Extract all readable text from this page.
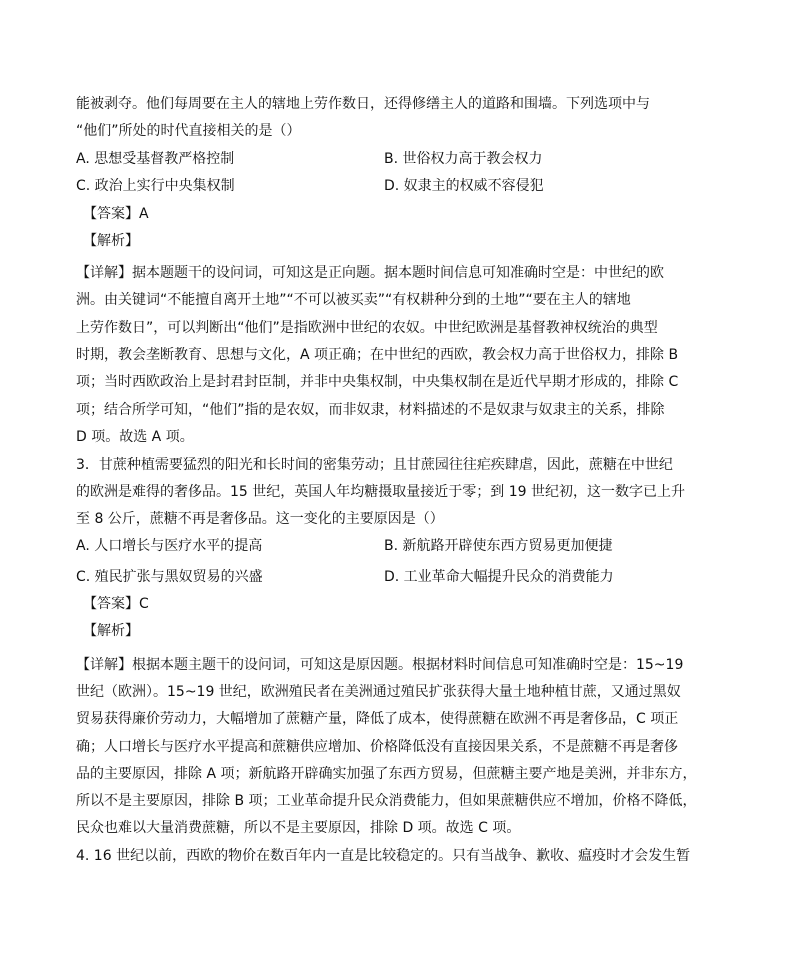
能被剥夺。他们每周要在主人的辖地上劳作数日，还得修缮主人的道路和围墙。下列选项中与
“他们”所处的时代直接相关的是（）
A. 思想受基督教严格控制	B. 世俗权力高于教会权力
C. 政治上实行中央集权制	D. 奴隶主的权威不容侵犯
【答案】A
【解析】
【详解】据本题题干的设问词，可知这是正向题。据本题时间信息可知准确时空是：中世纪的欧
洲。由关键词“不能擅自离开土地”“不可以被买卖”“有权耕种分到的土地”“要在主人的辖地
上劳作数日”，可以判断出“他们”是指欧洲中世纪的农奴。中世纪欧洲是基督教神权统治的典型
时期，教会垄断教育、思想与文化，A 项正确；在中世纪的西欧，教会权力高于世俗权力，排除 B
项；当时西欧政治上是封君封臣制，并非中央集权制，中央集权制在是近代早期才形成的，排除 C
项；结合所学可知，“他们”指的是农奴，而非奴隶，材料描述的不是奴隶与奴隶主的关系，排除
D 项。故选 A 项。
3．甘蔗种植需要猛烈的阳光和长时间的密集劳动；且甘蔗园往往疟疾肆虐，因此，蔗糖在中世纪
的欧洲是难得的奢侈品。15 世纪，英国人年均糖摄取量接近于零；到 19 世纪初，这一数字已上升
至 8 公斤，蔗糖不再是奢侈品。这一变化的主要原因是（）
A. 人口增长与医疗水平的提高	B. 新航路开辟使东西方贸易更加便捷
C. 殖民扩张与黑奴贸易的兴盛	D. 工业革命大幅提升民众的消费能力
【答案】C
【解析】
【详解】根据本题主题干的设问词，可知这是原因题。根据材料时间信息可知准确时空是：15~19
世纪（欧洲）。15~19 世纪，欧洲殖民者在美洲通过殖民扩张获得大量土地种植甘蔗，又通过黑奴
贸易获得廉价劳动力，大幅增加了蔗糖产量，降低了成本，使得蔗糖在欧洲不再是奢侈品，C 项正
确；人口增长与医疗水平提高和蔗糖供应增加、价格降低没有直接因果关系，不是蔗糖不再是奢侈
品的主要原因，排除 A 项；新航路开辟确实加强了东西方贸易，但蔗糖主要产地是美洲，并非东方，
所以不是主要原因，排除 B 项；工业革命提升民众消费能力，但如果蔗糖供应不增加，价格不降低，
民众也难以大量消费蔗糖，所以不是主要原因，排除 D 项。故选 C 项。
4. 16 世纪以前，西欧的物价在数百年内一直是比较稳定的。只有当战争、歉收、瘟疫时才会发生暂
